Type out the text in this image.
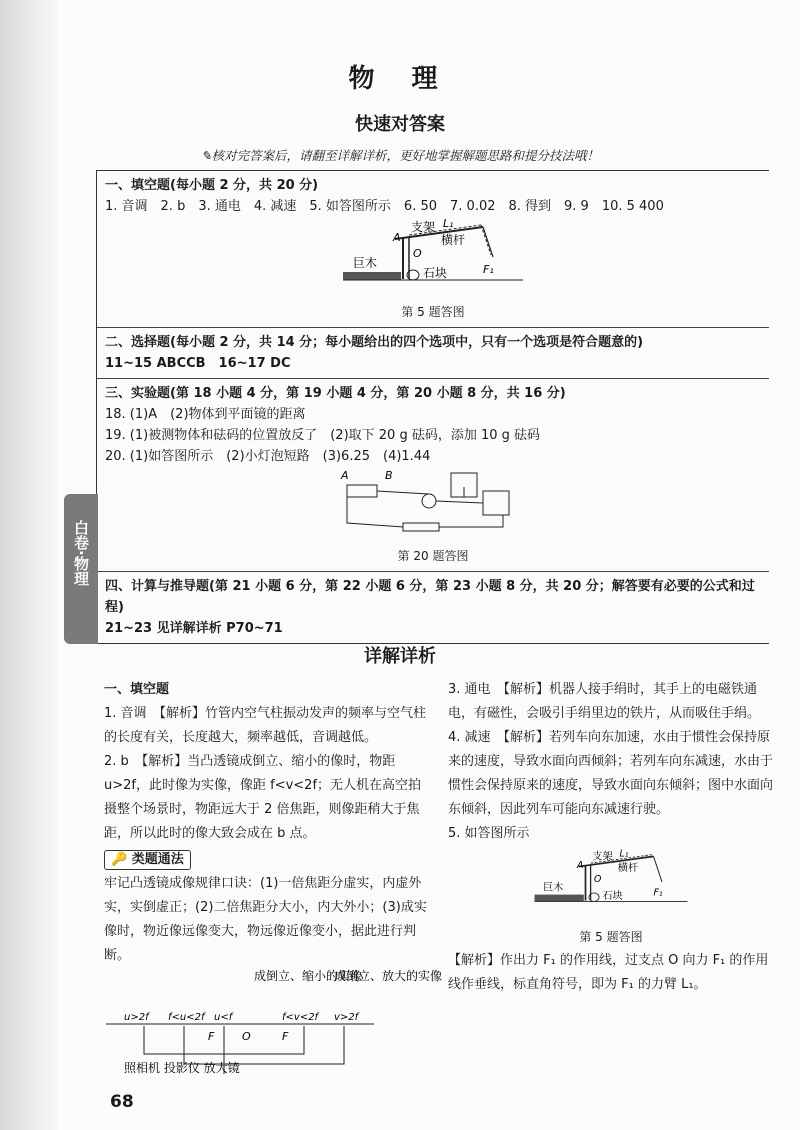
物 理
快速对答案
✎核对完答案后，请翻至详解详析，更好地掌握解题思路和提分技法哦！
一、填空题(每小题 2 分，共 20 分)
1. 音调　2. b　3. 通电　4. 减速　5. 如答图所示　6. 50　7. 0.02　8. 得到　9. 9　10. 5 400
支架 L₁
横杆
A
O
巨木
石块	F₁
第 5 题答图
二、选择题(每小题 2 分，共 14 分；每小题给出的四个选项中，只有一个选项是符合题意的)
11~15 ABCCB　16~17 DC
三、实验题(第 18 小题 4 分，第 19 小题 4 分，第 20 小题 8 分，共 16 分)
18. (1)A　(2)物体到平面镜的距离
19. (1)被测物体和砝码的位置放反了　(2)取下 20 g 砝码，添加 10 g 砝码
20. (1)如答图所示　(2)小灯泡短路　(3)6.25　(4)1.44
A	B
第 20 题答图
四、计算与推导题(第 21 小题 6 分，第 22 小题 6 分，第 23 小题 8 分，共 20 分；解答要有必要的公式和过程)
21~23 见详解详析 P70~71
白卷·物理
详解详析

一、填空题

1. 音调　【解析】竹管内空气柱振动发声的频率与空气柱的长度有关，长度越大，频率越低，音调越低。

2. b　【解析】当凸透镜成倒立、缩小的像时，物距 u>2f，此时像为实像，像距 f<v<2f；无人机在高空拍摄整个场景时，物距远大于 2 倍焦距，则像距稍大于焦距，所以此时的像大致会成在 b 点。

🔑 类题通法

牢记凸透镜成像规律口诀：(1)一倍焦距分虚实，内虚外实，实倒虚正；(2)二倍焦距分大小，内大外小；(3)成实像时，物近像远像变大，物远像近像变小，据此进行判断。

成倒立、缩小的实像
成倒立、放大的实像
u>2f f<u<2f u<f	f<v<2f v>2f
F	O	F
照相机 投影仪 放大镜

3. 通电　【解析】机器人接手绢时，其手上的电磁铁通电，有磁性，会吸引手绢里边的铁片，从而吸住手绢。

4. 减速　【解析】若列车向东加速，水由于惯性会保持原来的速度，导致水面向西倾斜；若列车向东减速，水由于惯性会保持原来的速度，导致水面向东倾斜；图中水面向东倾斜，因此列车可能向东减速行驶。

5. 如答图所示

支架 L₁
横杆
A
O
巨木
石块	F₁
第 5 题答图

【解析】作出力 F₁ 的作用线，过支点 O 向力 F₁ 的作用线作垂线，标直角符号，即为 F₁ 的力臂 L₁。

68
